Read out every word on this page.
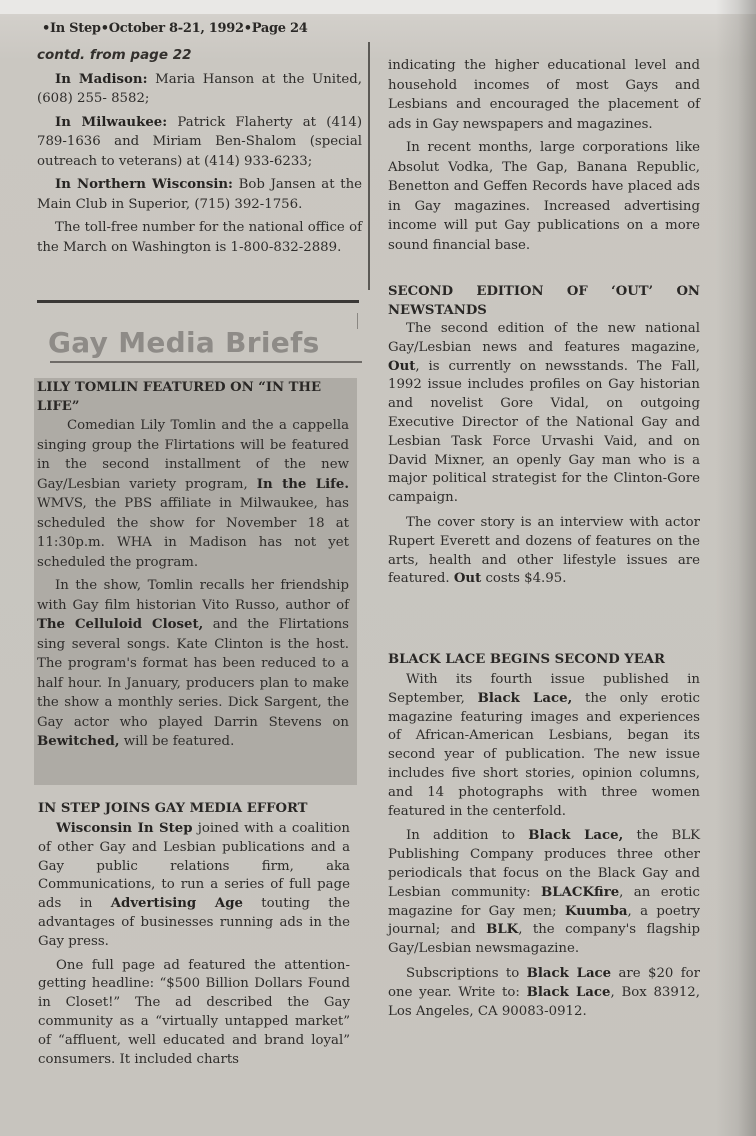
•In Step•October 8-21, 1992•Page 24
contd. from page 22

In Madison: Maria Hanson at the United, (608) 255- 8582;

In Milwaukee: Patrick Flaherty at (414) 789-1636 and Miriam Ben-Shalom (special outreach to veterans) at (414) 933-6233;

In Northern Wisconsin: Bob Jansen at the Main Club in Superior, (715) 392-1756.

The toll-free number for the national office of the March on Washington is 1-800-832-2889.

Gay Media Briefs
LILY TOMLIN FEATURED ON “IN THE LIFE”

Comedian Lily Tomlin and the a cappella singing group the Flirtations will be featured in the second installment of the new Gay/Lesbian variety program, In the Life. WMVS, the PBS affiliate in Milwaukee, has scheduled the show for November 18 at 11:30p.m. WHA in Madison has not yet scheduled the program.

In the show, Tomlin recalls her friendship with Gay film historian Vito Russo, author of The Celluloid Closet, and the Flirtations sing several songs. Kate Clinton is the host. The program's format has been reduced to a half hour. In January, producers plan to make the show a monthly series. Dick Sargent, the Gay actor who played Darrin Stevens on Bewitched, will be featured.

IN STEP JOINS GAY MEDIA EFFORT

Wisconsin In Step joined with a coalition of other Gay and Lesbian publications and a Gay public relations firm, aka Communications, to run a series of full page ads in Advertising Age touting the advantages of businesses running ads in the Gay press.

One full page ad featured the attention-getting headline: “$500 Billion Dollars Found in Closet!” The ad described the Gay community as a “virtually untapped market” of “affluent, well educated and brand loyal” consumers. It included charts

indicating the higher educational level and household incomes of most Gays and Lesbians and encouraged the placement of ads in Gay newspapers and magazines.

In recent months, large corporations like Absolut Vodka, The Gap, Banana Republic, Benetton and Geffen Records have placed ads in Gay magazines. Increased advertising income will put Gay publications on a more sound financial base.

SECOND EDITION OF ‘OUT’ ON NEWSTANDS

The second edition of the new national Gay/Lesbian news and features magazine, Out, is currently on newsstands. The Fall, 1992 issue includes profiles on Gay historian and novelist Gore Vidal, on outgoing Executive Director of the National Gay and Lesbian Task Force Urvashi Vaid, and on David Mixner, an openly Gay man who is a major political strategist for the Clinton-Gore campaign.

The cover story is an interview with actor Rupert Everett and dozens of features on the arts, health and other lifestyle issues are featured. Out costs $4.95.

BLACK LACE BEGINS SECOND YEAR

With its fourth issue published in September, Black Lace, the only erotic magazine featuring images and experiences of African-American Lesbians, began its second year of publication. The new issue includes five short stories, opinion columns, and 14 photographs with three women featured in the centerfold.

In addition to Black Lace, the BLK Publishing Company produces three other periodicals that focus on the Black Gay and Lesbian community: BLACKfire, an erotic magazine for Gay men; Kuumba, a poetry journal; and BLK, the company's flagship Gay/Lesbian newsmagazine.

Subscriptions to Black Lace are $20 for one year. Write to: Black Lace, Box 83912, Los Angeles, CA 90083-0912.
